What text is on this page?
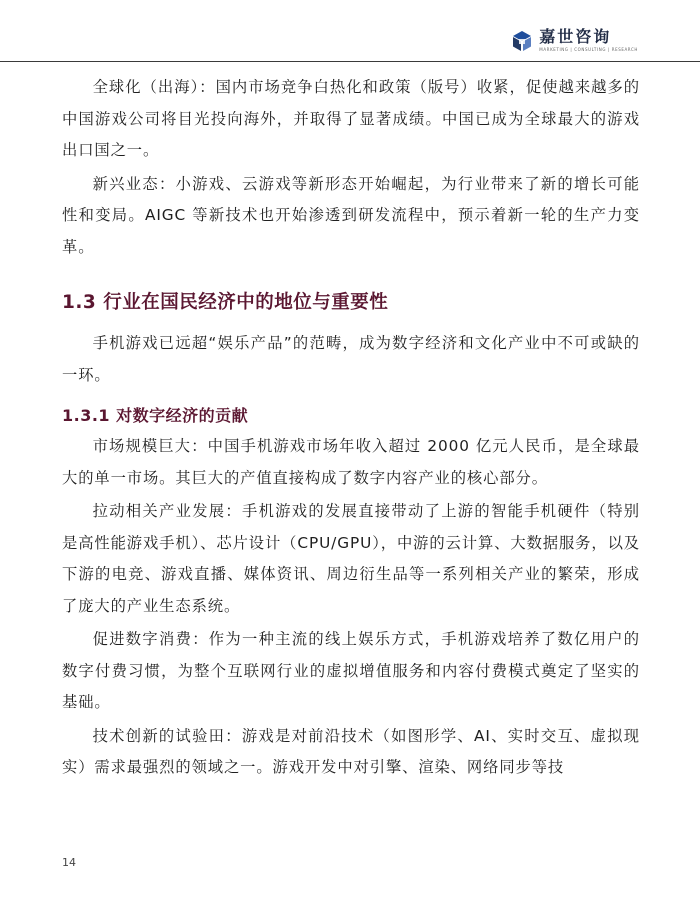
嘉世咨询
MARKETING | CONSULTING | RESEARCH

全球化（出海）：国内市场竞争白热化和政策（版号）收紧，促使越来越多的中国游戏公司将目光投向海外，并取得了显著成绩。中国已成为全球最大的游戏出口国之一。

新兴业态：小游戏、云游戏等新形态开始崛起，为行业带来了新的增长可能性和变局。AIGC 等新技术也开始渗透到研发流程中，预示着新一轮的生产力变革。

1.3 行业在国民经济中的地位与重要性

手机游戏已远超“娱乐产品”的范畴，成为数字经济和文化产业中不可或缺的一环。

1.3.1 对数字经济的贡献

市场规模巨大：中国手机游戏市场年收入超过 2000 亿元人民币，是全球最大的单一市场。其巨大的产值直接构成了数字内容产业的核心部分。

拉动相关产业发展：手机游戏的发展直接带动了上游的智能手机硬件（特别是高性能游戏手机）、芯片设计（CPU/GPU），中游的云计算、大数据服务，以及下游的电竞、游戏直播、媒体资讯、周边衍生品等一系列相关产业的繁荣，形成了庞大的产业生态系统。

促进数字消费：作为一种主流的线上娱乐方式，手机游戏培养了数亿用户的数字付费习惯，为整个互联网行业的虚拟增值服务和内容付费模式奠定了坚实的基础。

技术创新的试验田：游戏是对前沿技术（如图形学、AI、实时交互、虚拟现实）需求最强烈的领域之一。游戏开发中对引擎、渲染、网络同步等技

14
